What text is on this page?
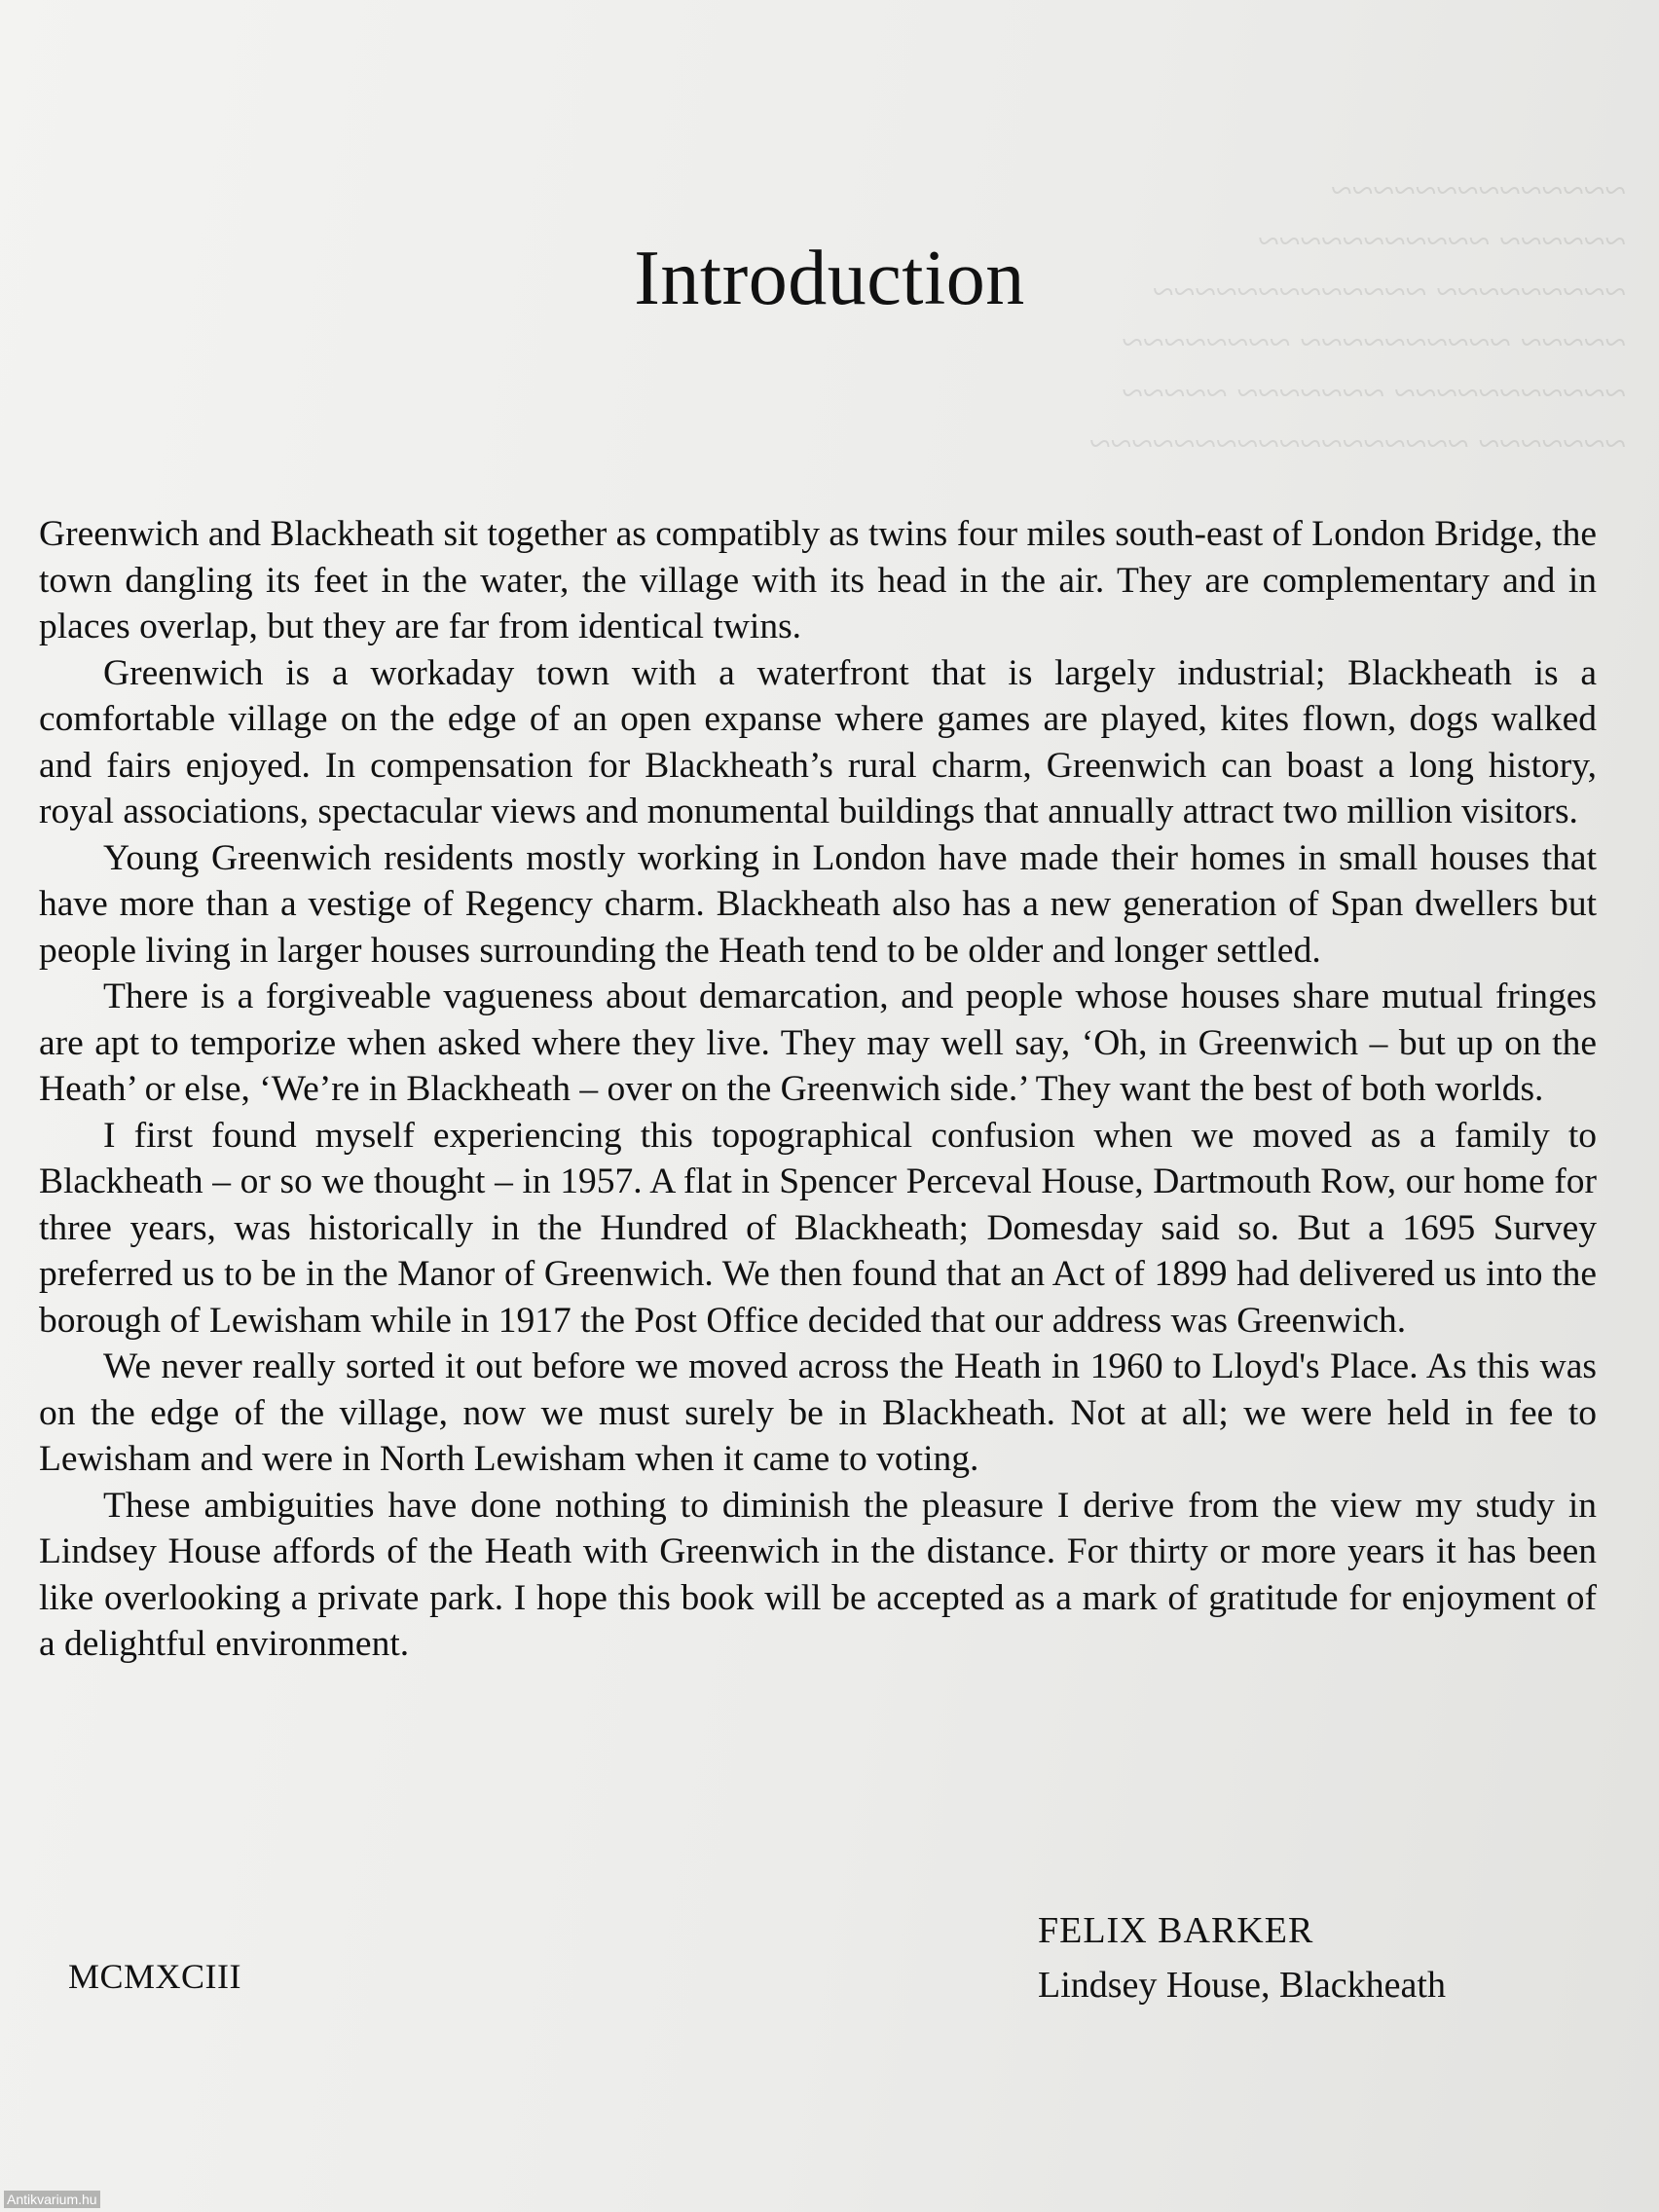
~~~~~~~~~~~~~~
~~~~~~ ~~~~~~~~~~~
~~~~~~~~~ ~~~~~~~~~~~~~
~~~~~ ~~~~~~~~~~ ~~~~~~~~
~~~~~~~~~~~ ~~~~~~~ ~~~~~
~~~~~~~ ~~~~~~~~~~~~~~~~~~
Introduction

Greenwich and Blackheath sit together as compatibly as twins four miles south-east of London Bridge, the town dangling its feet in the water, the village with its head in the air. They are complementary and in places overlap, but they are far from identical twins.

Greenwich is a workaday town with a waterfront that is largely industrial; Blackheath is a comfortable village on the edge of an open expanse where games are played, kites flown, dogs walked and fairs enjoyed. In compensation for Blackheath’s rural charm, Greenwich can boast a long history, royal associations, spectacular views and monumental buildings that annually attract two million visitors.

Young Greenwich residents mostly working in London have made their homes in small houses that have more than a vestige of Regency charm. Blackheath also has a new generation of Span dwellers but people living in larger houses surrounding the Heath tend to be older and longer settled.

There is a forgiveable vagueness about demarcation, and people whose houses share mutual fringes are apt to temporize when asked where they live. They may well say, ‘Oh, in Greenwich – but up on the Heath’ or else, ‘We’re in Blackheath – over on the Greenwich side.’ They want the best of both worlds.

I first found myself experiencing this topographical confusion when we moved as a family to Blackheath – or so we thought – in 1957. A flat in Spencer Perceval House, Dartmouth Row, our home for three years, was historically in the Hundred of Blackheath; Domesday said so. But a 1695 Survey preferred us to be in the Manor of Greenwich. We then found that an Act of 1899 had delivered us into the borough of Lewisham while in 1917 the Post Office decided that our address was Greenwich.

We never really sorted it out before we moved across the Heath in 1960 to Lloyd's Place. As this was on the edge of the village, now we must surely be in Blackheath. Not at all; we were held in fee to Lewisham and were in North Lewisham when it came to voting.

These ambiguities have done nothing to diminish the pleasure I derive from the view my study in Lindsey House affords of the Heath with Greenwich in the distance. For thirty or more years it has been like overlooking a private park. I hope this book will be accepted as a mark of gratitude for enjoyment of a delightful environment.

MCMXCIII
FELIX BARKER
Lindsey House, Blackheath
Antikvarium.hu
